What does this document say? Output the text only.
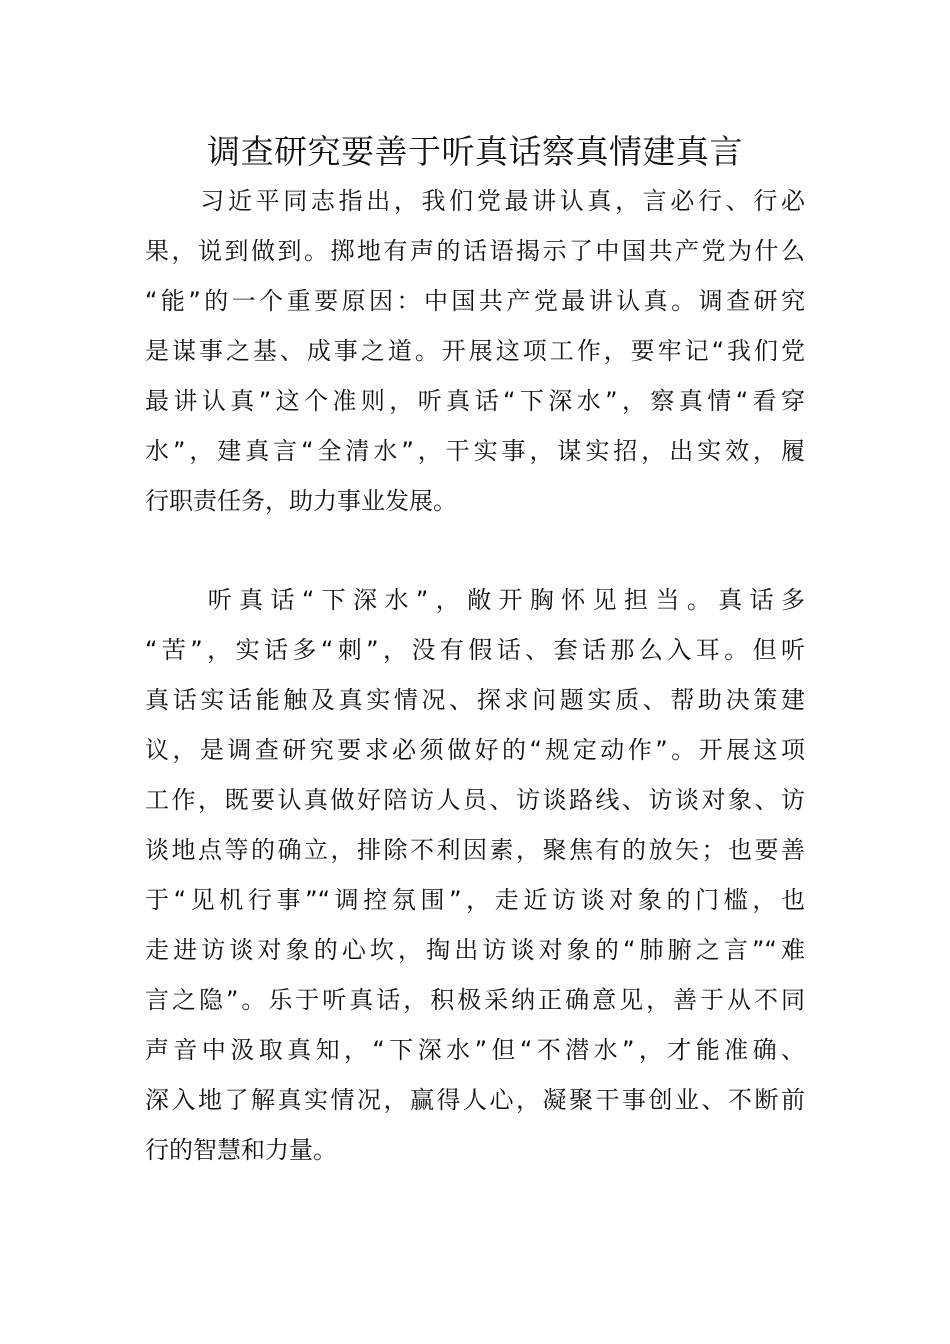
调查研究要善于听真话察真情建真言
　　习近平同志指出，我们党最讲认真，言必行、行必
果，说到做到。掷地有声的话语揭示了中国共产党为什么
“能”的一个重要原因：中国共产党最讲认真。调查研究
是谋事之基、成事之道。开展这项工作，要牢记“我们党
最讲认真”这个准则，听真话“下深水”，察真情“看穿
水”，建真言“全清水”，干实事，谋实招，出实效，履
行职责任务，助力事业发展。
　　听真话“下深水”，敞开胸怀见担当。真话多
“苦”，实话多“刺”，没有假话、套话那么入耳。但听
真话实话能触及真实情况、探求问题实质、帮助决策建
议，是调查研究要求必须做好的“规定动作”。开展这项
工作，既要认真做好陪访人员、访谈路线、访谈对象、访
谈地点等的确立，排除不利因素，聚焦有的放矢；也要善
于“见机行事”“调控氛围”，走近访谈对象的门槛，也
走进访谈对象的心坎，掏出访谈对象的“肺腑之言”“难
言之隐”。乐于听真话，积极采纳正确意见，善于从不同
声音中汲取真知，“下深水”但“不潜水”，才能准确、
深入地了解真实情况，赢得人心，凝聚干事创业、不断前
行的智慧和力量。
